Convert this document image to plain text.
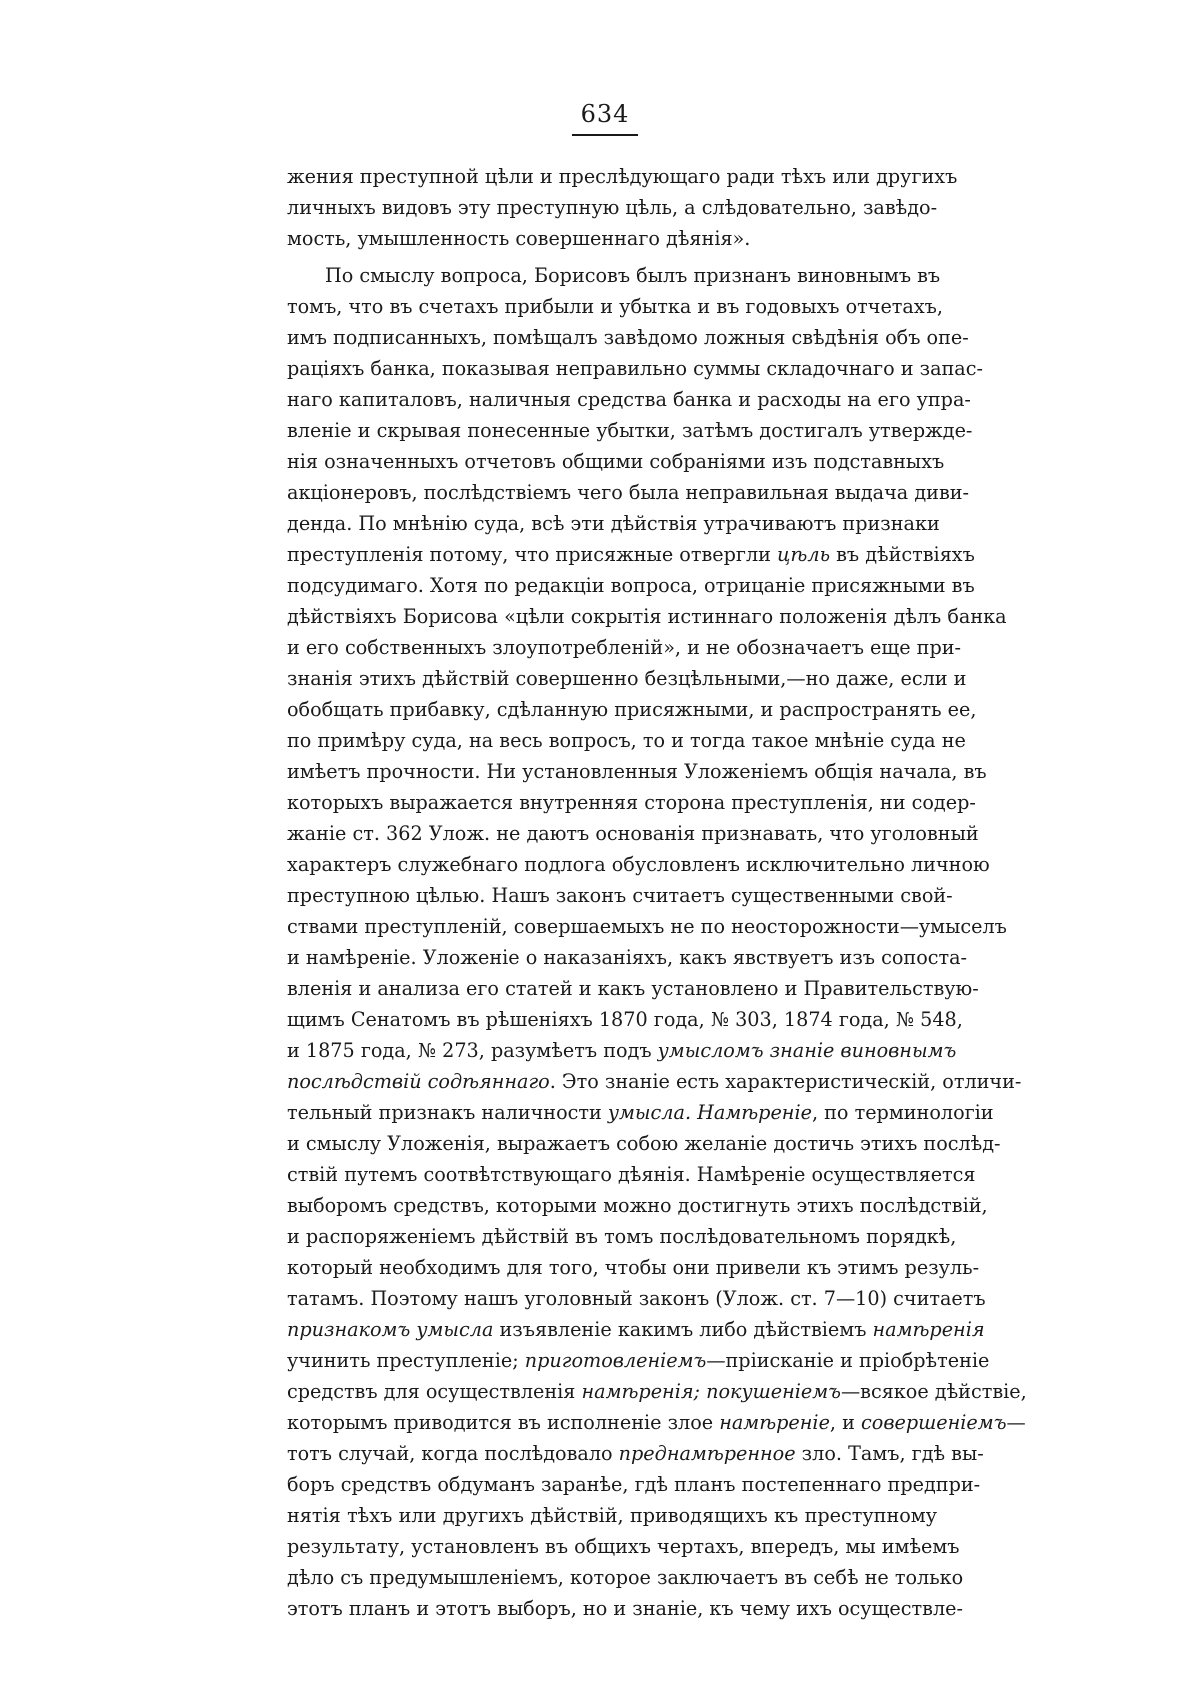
634
жения преступной цѣли и преслѣдующаго ради тѣхъ или другихъ
личныхъ видовъ эту преступную цѣль, а слѣдовательно, завѣдо-
мость, умышленность совершеннаго дѣянія».
По смыслу вопроса, Борисовъ былъ признанъ виновнымъ въ
томъ, что въ счетахъ прибыли и убытка и въ годовыхъ отчетахъ,
имъ подписанныхъ, помѣщалъ завѣдомо ложныя свѣдѣнія объ опе-
раціяхъ банка, показывая неправильно суммы складочнаго и запас-
наго капиталовъ, наличныя средства банка и расходы на его упра-
вленіе и скрывая понесенные убытки, затѣмъ достигалъ утвержде-
нія означенныхъ отчетовъ общими собраніями изъ подставныхъ
акціонеровъ, послѣдствіемъ чего была неправильная выдача диви-
денда. По мнѣнію суда, всѣ эти дѣйствія утрачиваютъ признаки
преступленія потому, что присяжные отвергли цѣль въ дѣйствіяхъ
подсудимаго. Хотя по редакціи вопроса, отрицаніе присяжными въ
дѣйствіяхъ Борисова «цѣли сокрытія истиннаго положенія дѣлъ банка
и его собственныхъ злоупотребленій», и не обозначаетъ еще при-
знанія этихъ дѣйствій совершенно безцѣльными,—но даже, если и
обобщать прибавку, сдѣланную присяжными, и распространять ее,
по примѣру суда, на весь вопросъ, то и тогда такое мнѣніе суда не
имѣетъ прочности. Ни установленныя Уложеніемъ общія начала, въ
которыхъ выражается внутренняя сторона преступленія, ни содер-
жаніе ст. 362 Улож. не даютъ основанія признавать, что уголовный
характеръ служебнаго подлога обусловленъ исключительно личною
преступною цѣлью. Нашъ законъ считаетъ существенными свой-
ствами преступленій, совершаемыхъ не по неосторожности—умыселъ
и намѣреніе. Уложеніе о наказаніяхъ, какъ явствуетъ изъ сопоста-
вленія и анализа его статей и какъ установлено и Правительствую-
щимъ Сенатомъ въ рѣшеніяхъ 1870 года, № 303, 1874 года, № 548,
и 1875 года, № 273, разумѣетъ подъ умысломъ знаніе виновнымъ
послѣдствій содѣяннаго. Это знаніе есть характеристическій, отличи-
тельный признакъ наличности умысла. Намѣреніе, по терминологіи
и смыслу Уложенія, выражаетъ собою желаніе достичь этихъ послѣд-
ствій путемъ соотвѣтствующаго дѣянія. Намѣреніе осуществляется
выборомъ средствъ, которыми можно достигнуть этихъ послѣдствій,
и распоряженіемъ дѣйствій въ томъ послѣдовательномъ порядкѣ,
который необходимъ для того, чтобы они привели къ этимъ резуль-
татамъ. Поэтому нашъ уголовный законъ (Улож. ст. 7—10) считаетъ
признакомъ умысла изъявленіе какимъ либо дѣйствіемъ намѣренія
учинить преступленіе; приготовленіемъ—пріисканіе и пріобрѣтеніе
средствъ для осуществленія намѣренія; покушеніемъ—всякое дѣйствіе,
которымъ приводится въ исполненіе злое намѣреніе, и совершеніемъ—
тотъ случай, когда послѣдовало преднамѣренное зло. Тамъ, гдѣ вы-
боръ средствъ обдуманъ заранѣе, гдѣ планъ постепеннаго предпри-
нятія тѣхъ или другихъ дѣйствій, приводящихъ къ преступному
результату, установленъ въ общихъ чертахъ, впередъ, мы имѣемъ
дѣло съ предумышленіемъ, которое заключаетъ въ себѣ не только
этотъ планъ и этотъ выборъ, но и знаніе, къ чему ихъ осуществле-
